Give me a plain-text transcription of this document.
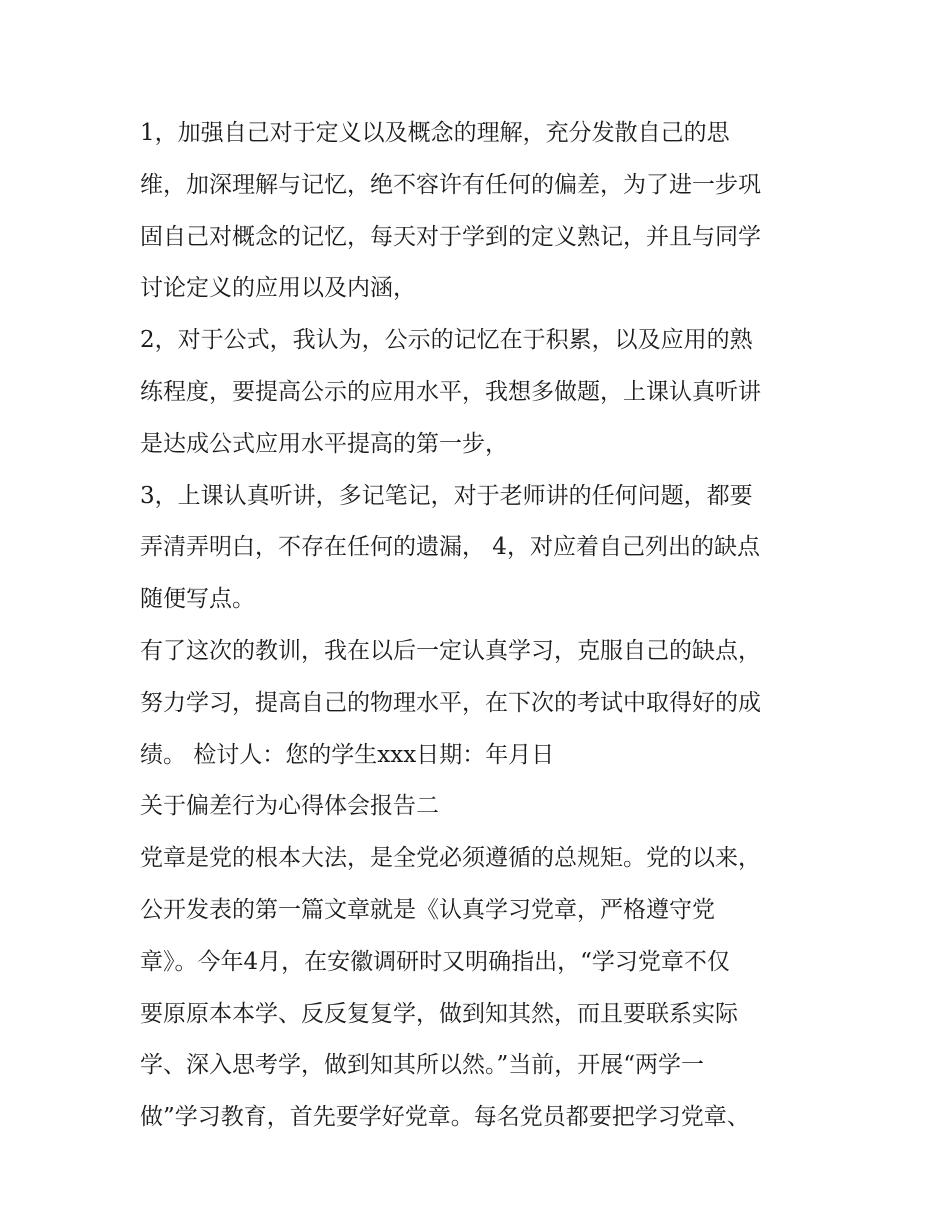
1，加强自己对于定义以及概念的理解，充分发散自己的思
维，加深理解与记忆，绝不容许有任何的偏差，为了进一步巩
固自己对概念的记忆，每天对于学到的定义熟记，并且与同学
讨论定义的应用以及内涵，
2，对于公式，我认为，公示的记忆在于积累，以及应用的熟
练程度，要提高公示的应用水平，我想多做题，上课认真听讲
是达成公式应用水平提高的第一步，
3，上课认真听讲，多记笔记，对于老师讲的任何问题，都要
弄清弄明白，不存在任何的遗漏， 4，对应着自己列出的缺点
随便写点。
有了这次的教训，我在以后一定认真学习，克服自己的缺点，
努力学习，提高自己的物理水平，在下次的考试中取得好的成
绩。 检讨人：您的学生xxx日期：年月日
关于偏差行为心得体会报告二
党章是党的根本大法，是全党必须遵循的总规矩。党的以来，
公开发表的第一篇文章就是《认真学习党章，严格遵守党
章》。今年4月，在安徽调研时又明确指出，“学习党章不仅
要原原本本学、反反复复学，做到知其然，而且要联系实际
学、深入思考学，做到知其所以然。”当前，开展“两学一
做”学习教育，首先要学好党章。每名党员都要把学习党章、
